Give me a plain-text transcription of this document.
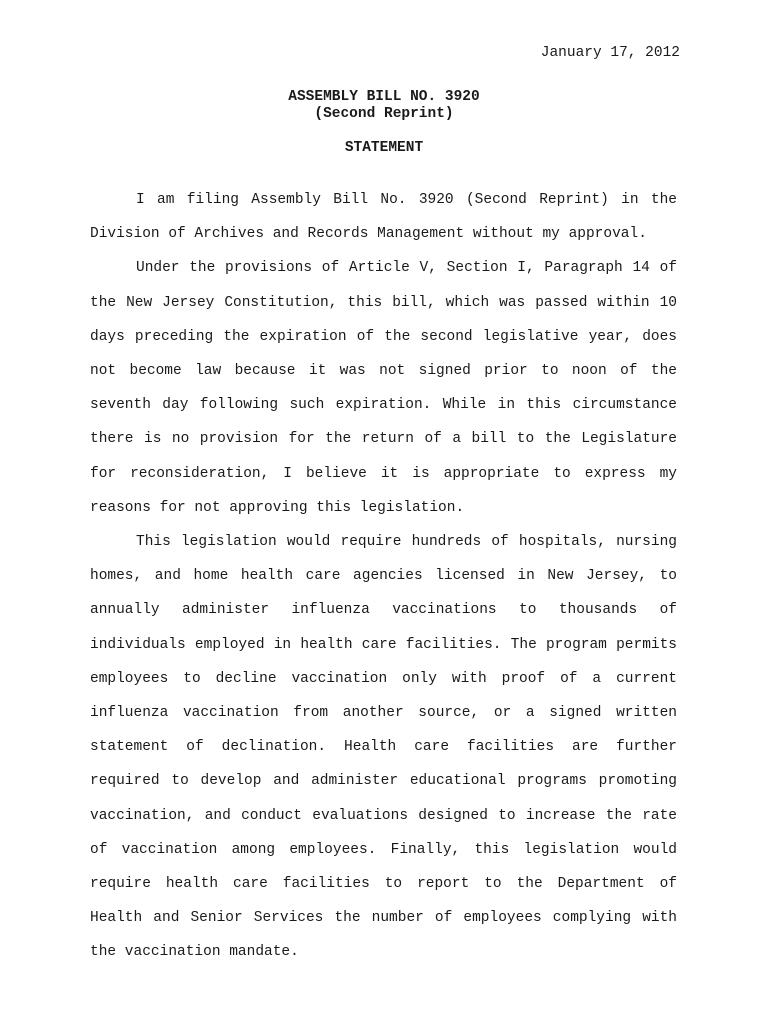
January 17, 2012
ASSEMBLY BILL NO. 3920
(Second Reprint)
STATEMENT

I am filing Assembly Bill No. 3920 (Second Reprint) in the Division of Archives and Records Management without my approval.

Under the provisions of Article V, Section I, Paragraph 14 of the New Jersey Constitution, this bill, which was passed within 10 days preceding the expiration of the second legislative year, does not become law because it was not signed prior to noon of the seventh day following such expiration. While in this circumstance there is no provision for the return of a bill to the Legislature for reconsideration, I believe it is appropriate to express my reasons for not approving this legislation.

This legislation would require hundreds of hospitals, nursing homes, and home health care agencies licensed in New Jersey, to annually administer influenza vaccinations to thousands of individuals employed in health care facilities. The program permits employees to decline vaccination only with proof of a current influenza vaccination from another source, or a signed written statement of declination. Health care facilities are further required to develop and administer educational programs promoting vaccination, and conduct evaluations designed to increase the rate of vaccination among employees. Finally, this legislation would require health care facilities to report to the Department of Health and Senior Services the number of employees complying with the vaccination mandate.
